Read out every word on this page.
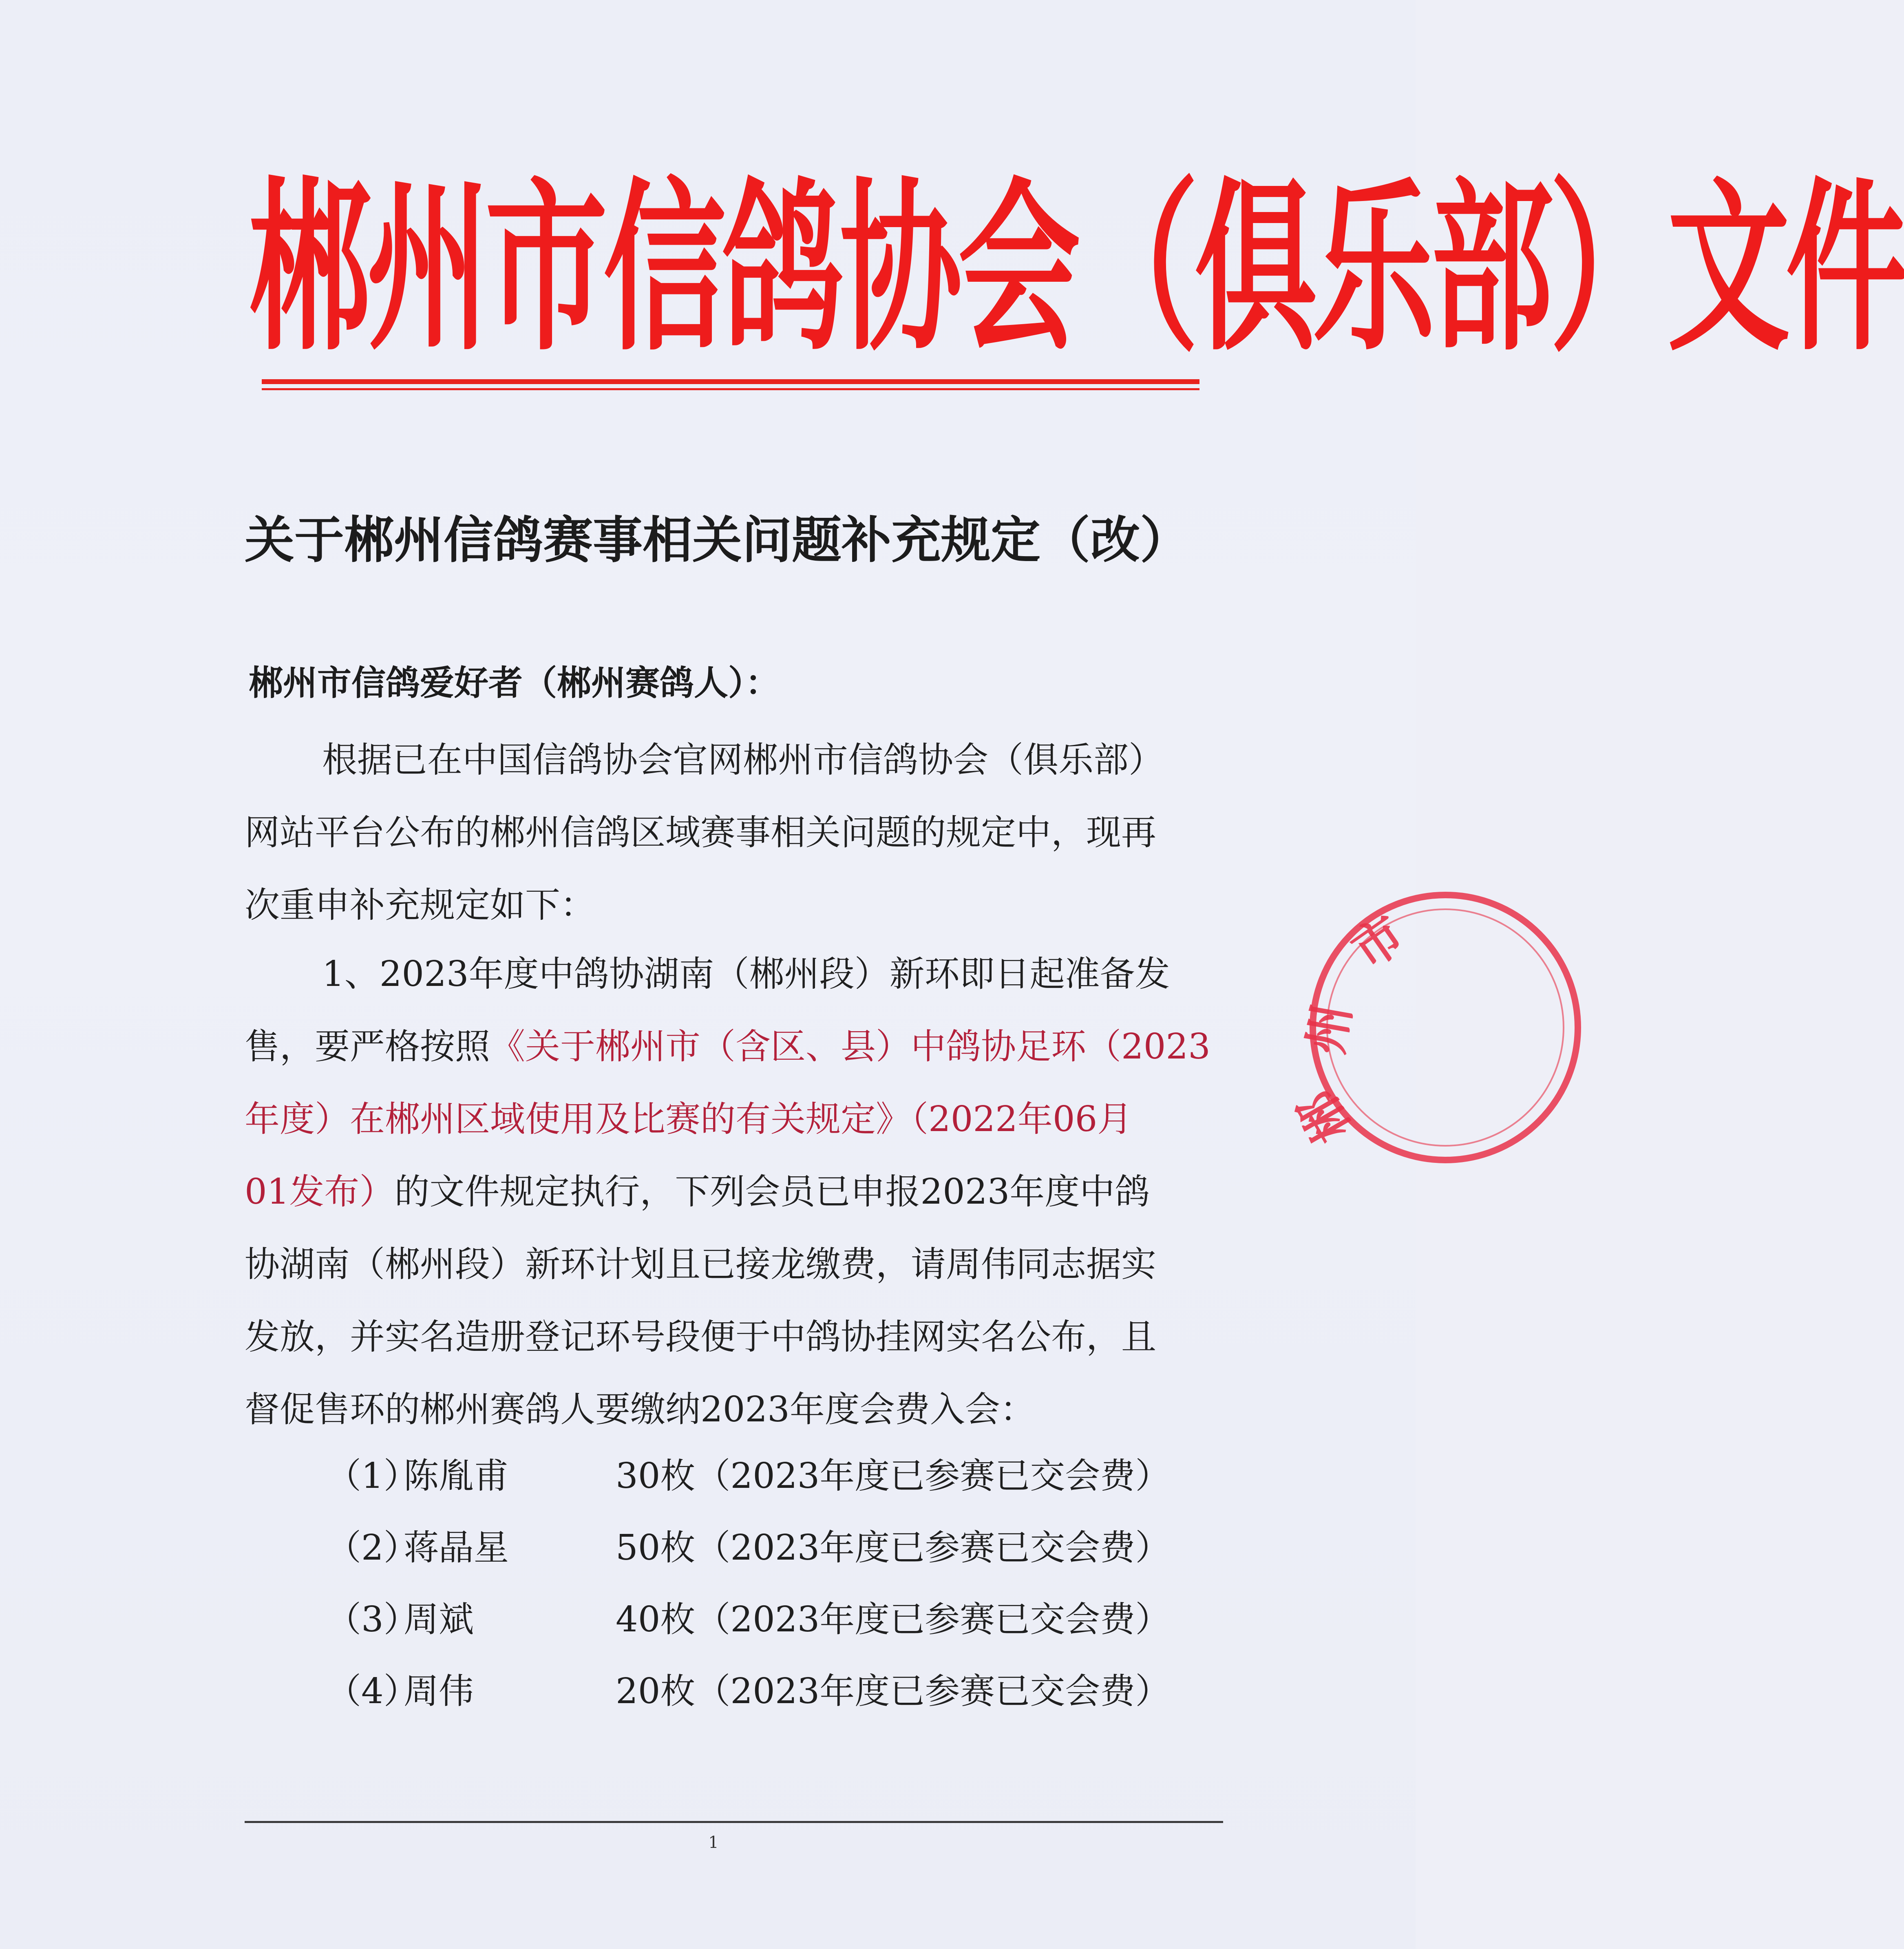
郴州市信鸽协会（俱乐部）文件
关于郴州信鸽赛事相关问题补充规定（改）
郴州市信鸽爱好者（郴州赛鸽人）：
根据已在中国信鸽协会官网郴州市信鸽协会（俱乐部）
网站平台公布的郴州信鸽区域赛事相关问题的规定中，现再
次重申补充规定如下：
1、2023年度中鸽协湖南（郴州段）新环即日起准备发
售，要严格按照《关于郴州市（含区、县）中鸽协足环（2023
年度）在郴州区域使用及比赛的有关规定》（2022年06月
01发布）的文件规定执行，下列会员已申报2023年度中鸽
协湖南（郴州段）新环计划且已接龙缴费，请周伟同志据实
发放，并实名造册登记环号段便于中鸽协挂网实名公布，且
督促售环的郴州赛鸽人要缴纳2023年度会费入会：
（1）陈胤甫	30枚（2023年度已参赛已交会费）
（2）蒋晶星	50枚（2023年度已参赛已交会费）
（3）周斌	40枚（2023年度已参赛已交会费）
（4）周伟	20枚（2023年度已参赛已交会费）
市
州
郴
1
